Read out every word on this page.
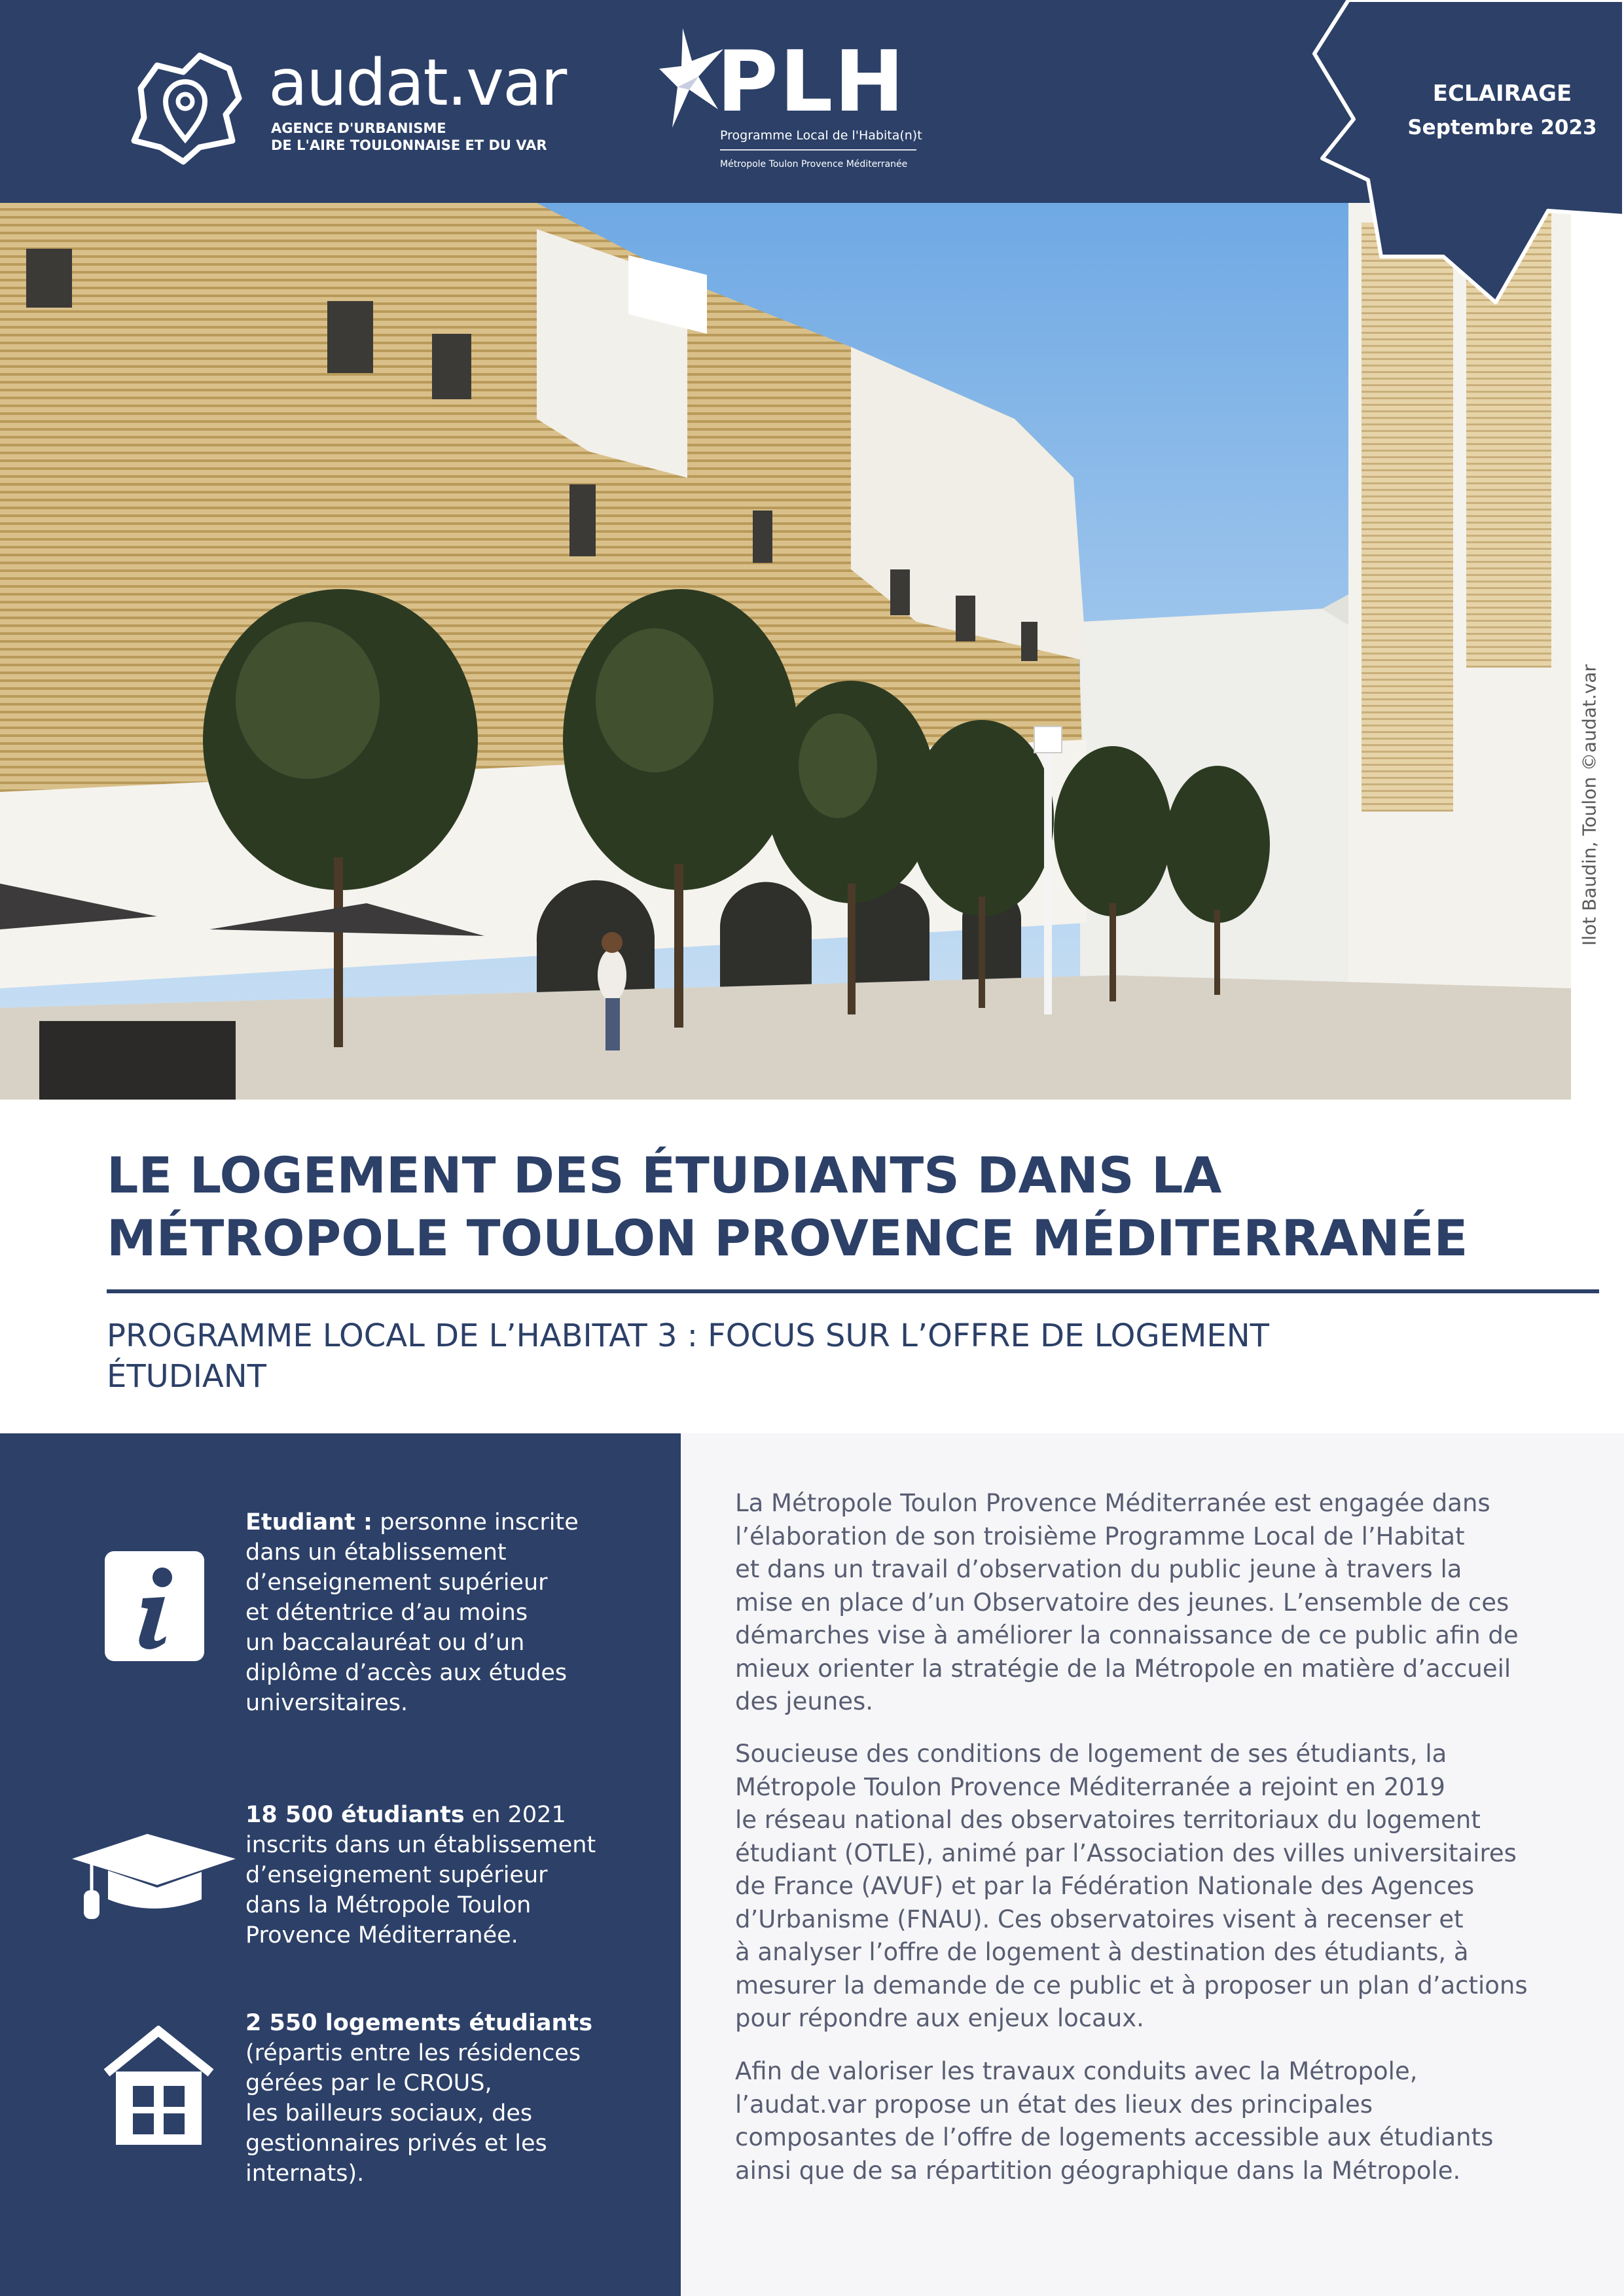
audat.var
AGENCE D'URBANISME
DE L'AIRE TOULONNAISE ET DU VAR
PLH
Programme Local de l'Habita(n)t
Métropole Toulon Provence Méditerranée
Ilot Baudin, Toulon ©audat.var
ECLAIRAGE
Septembre 2023
LE LOGEMENT DES ÉTUDIANTS DANS LA
MÉTROPOLE TOULON PROVENCE MÉDITERRANÉE
PROGRAMME LOCAL DE L’HABITAT 3 : FOCUS SUR L’OFFRE DE LOGEMENT
ÉTUDIANT
Etudiant : personne inscrite
dans un établissement
d’enseignement supérieur
et détentrice d’au moins
un baccalauréat ou d’un
diplôme d’accès aux études
universitaires.
18 500 étudiants en 2021
inscrits dans un établissement
d’enseignement supérieur
dans la Métropole Toulon
Provence Méditerranée.
2 550 logements étudiants
(répartis entre les résidences
gérées par le CROUS,
les bailleurs sociaux, des
gestionnaires privés et les
internats).
La Métropole Toulon Provence Méditerranée est engagée dans
l’élaboration de son troisième Programme Local de l’Habitat
et dans un travail d’observation du public jeune à travers la
mise en place d’un Observatoire des jeunes. L’ensemble de ces
démarches vise à améliorer la connaissance de ce public afin de
mieux orienter la stratégie de la Métropole en matière d’accueil
des jeunes.
Soucieuse des conditions de logement de ses étudiants, la
Métropole Toulon Provence Méditerranée a rejoint en 2019
le réseau national des observatoires territoriaux du logement
étudiant (OTLE), animé par l’Association des villes universitaires
de France (AVUF) et par la Fédération Nationale des Agences
d’Urbanisme (FNAU). Ces observatoires visent à recenser et
à analyser l’offre de logement à destination des étudiants, à
mesurer la demande de ce public et à proposer un plan d’actions
pour répondre aux enjeux locaux.
Afin de valoriser les travaux conduits avec la Métropole,
l’audat.var propose un état des lieux des principales
composantes de l’offre de logements accessible aux étudiants
ainsi que de sa répartition géographique dans la Métropole.
